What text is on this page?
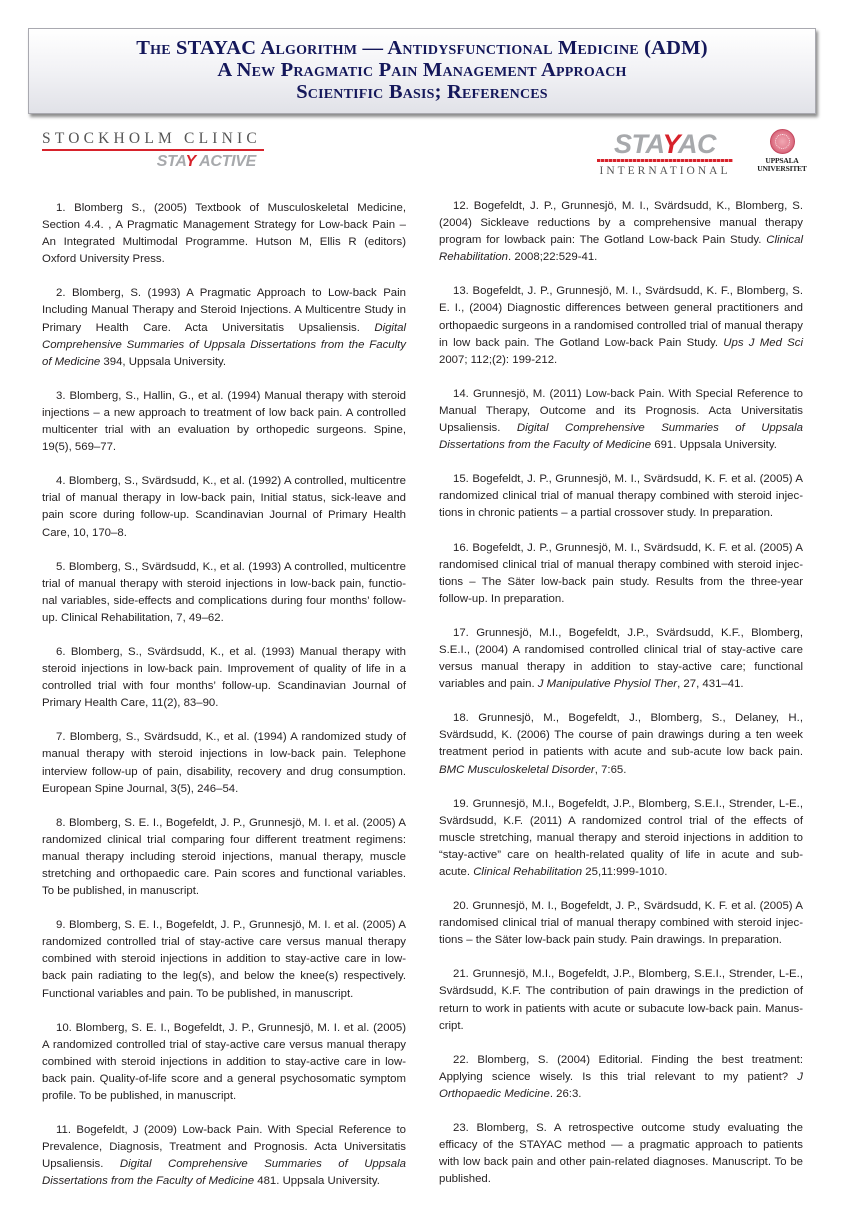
The STAYAC Algorithm — Antidysfunctional Medicine (ADM)
A New Pragmatic Pain Management Approach
Scientific Basis; References
STOCKHOLM CLINIC
STAY ACTIVE
STAYAC
INTERNATIONAL
UPPSALA
UNIVERSITET

1. Blomberg S., (2005) Textbook of Musculoskeletal Medicine, Section 4.4. , A Pragmatic Management Strategy for Low-back Pain – An Integrated Multimodal Programme. Hutson M, Ellis R (editors) Oxford University Press.

2. Blomberg, S. (1993) A Pragmatic Approach to Low-back Pain Including Manual Therapy and Steroid Injections. A Multicentre Study in Primary Health Care. Acta Universitatis Upsaliensis. Digital Comprehensive Summaries of Uppsala Dissertations from the Faculty of Medicine 394, Uppsala University.

3. Blomberg, S., Hallin, G., et al. (1994) Manual therapy with steroid injections – a new approach to treatment of low back pain. A controlled multicenter trial with an evaluation by orthopedic surgeons. Spine, 19(5), 569–77.

4. Blomberg, S., Svärdsudd, K., et al. (1992) A controlled, multicentre trial of manual therapy in low-back pain, Initial status, sick-leave and pain score during follow-up. Scandinavian Journal of Primary Health Care, 10, 170–8.

5. Blomberg, S., Svärdsudd, K., et al. (1993) A controlled, multicentre trial of manual therapy with steroid injections in low-back pain, functional variables, side-effects and complications during four months’ follow-up. Clinical Rehabilitation, 7, 49–62.

6. Blomberg, S., Svärdsudd, K., et al. (1993) Manual therapy with steroid injections in low-back pain. Improvement of quality of life in a controlled trial with four months’ follow-up. Scandinavian Journal of Primary Health Care, 11(2), 83–90.

7. Blomberg, S., Svärdsudd, K., et al. (1994) A randomized study of manual therapy with steroid injections in low-back pain. Telephone interview follow-up of pain, disability, recovery and drug consumption. European Spine Journal, 3(5), 246–54.

8. Blomberg, S. E. I., Bogefeldt, J. P., Grunnesjö, M. I. et al. (2005) A randomized clinical trial comparing four different treatment regimens: manual therapy including steroid injections, manual therapy, muscle stretching and orthopaedic care. Pain scores and functional variables. To be published, in manuscript.

9. Blomberg, S. E. I., Bogefeldt, J. P., Grunnesjö, M. I. et al. (2005) A randomized controlled trial of stay-active care versus manual therapy combined with steroid injections in addition to stay-active care in low-back pain radiating to the leg(s), and below the knee(s) respectively. Functional variables and pain. To be published, in manuscript.

10. Blomberg, S. E. I., Bogefeldt, J. P., Grunnesjö, M. I. et al. (2005) A randomized controlled trial of stay-active care versus manual therapy combined with steroid injections in addition to stay-active care in low-back pain. Quality-of-life score and a general psychosomatic symptom profile. To be published, in manuscript.

11. Bogefeldt, J (2009) Low-back Pain. With Special Reference to Prevalence, Diagnosis, Treatment and Prognosis. Acta Universitatis Upsaliensis. Digital Comprehensive Summaries of Uppsala Dissertations from the Faculty of Medicine 481. Uppsala University.

12. Bogefeldt, J. P., Grunnesjö, M. I., Svärdsudd, K., Blomberg, S. (2004) Sickleave reductions by a comprehensive manual therapy program for lowback pain: The Gotland Low-back Pain Study. Clinical Rehabilitation. 2008;22:529-41.

13. Bogefeldt, J. P., Grunnesjö, M. I., Svärdsudd, K. F., Blomberg, S. E. I., (2004) Diagnostic differences between general practitioners and orthopaedic surgeons in a randomised controlled trial of manual therapy in low back pain. The Gotland Low-back Pain Study. Ups J Med Sci 2007; 112;(2): 199-212.

14. Grunnesjö, M. (2011) Low-back Pain. With Special Reference to Manual Therapy, Outcome and its Prognosis. Acta Universitatis Upsaliensis. Digital Comprehensive Summaries of Uppsala Dissertations from the Faculty of Medicine 691. Uppsala University.

15. Bogefeldt, J. P., Grunnesjö, M. I., Svärdsudd, K. F. et al. (2005) A randomized clinical trial of manual therapy combined with steroid injections in chronic patients – a partial crossover study. In preparation.

16. Bogefeldt, J. P., Grunnesjö, M. I., Svärdsudd, K. F. et al. (2005) A randomised clinical trial of manual therapy combined with steroid injections – The Säter low-back pain study. Results from the three-year follow-up. In preparation.

17. Grunnesjö, M.I., Bogefeldt, J.P., Svärdsudd, K.F., Blomberg, S.E.I., (2004) A randomised controlled clinical trial of stay-active care versus manual therapy in addition to stay-active care; functional variables and pain. J Manipulative Physiol Ther, 27, 431–41.

18. Grunnesjö, M., Bogefeldt, J., Blomberg, S., Delaney, H., Svärdsudd, K. (2006) The course of pain drawings during a ten week treatment period in patients with acute and sub-acute low back pain. BMC Musculoskeletal Disorder, 7:65.

19. Grunnesjö, M.I., Bogefeldt, J.P., Blomberg, S.E.I., Strender, L-E., Svärdsudd, K.F. (2011) A randomized control trial of the effects of muscle stretching, manual therapy and steroid injections in addition to “stay-active” care on health-related quality of life in acute and sub-acute. Clinical Rehabilitation 25,11:999-1010.

20. Grunnesjö, M. I., Bogefeldt, J. P., Svärdsudd, K. F. et al. (2005) A randomised clinical trial of manual therapy combined with steroid injections – the Säter low-back pain study. Pain drawings. In preparation.

21. Grunnesjö, M.I., Bogefeldt, J.P., Blomberg, S.E.I., Strender, L-E., Svärdsudd, K.F. The contribution of pain drawings in the prediction of return to work in patients with acute or subacute low-back pain. Manuscript.

22. Blomberg, S. (2004) Editorial. Finding the best treatment: Applying science wisely. Is this trial relevant to my patient? J Orthopaedic Medicine. 26:3.

23. Blomberg, S. A retrospective outcome study evaluating the efficacy of the STAYAC method — a pragmatic approach to patients with low back pain and other pain-related diagnoses. Manuscript. To be published.
